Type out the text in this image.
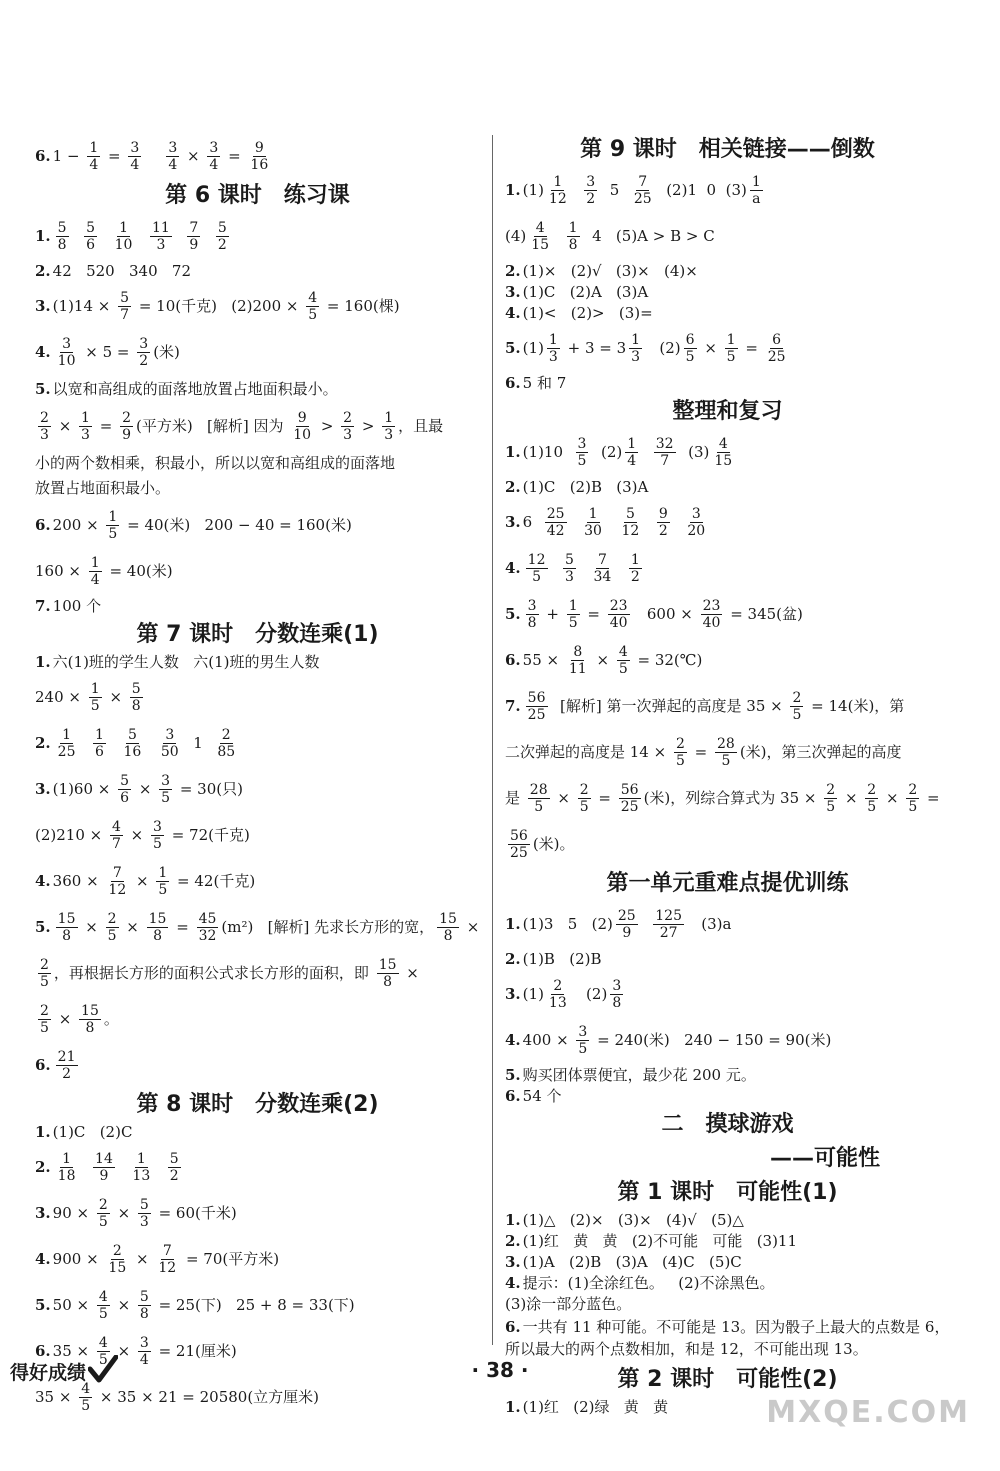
6. $1 - \frac{1}{4} = \frac{3}{4}$
$\frac{3}{4} \times \frac{3}{4} = \frac{9}{16}$
第 6 课时　练习课
1. $\frac{5}{8}$
$\frac{5}{6}$
$\frac{1}{10}$
$\frac{11}{3}$
$\frac{7}{9}$
$\frac{5}{2}$
2. 42   520   340   72
3. $(1)14 \times \frac{5}{7} = 10$(千克)   $(2)200 \times \frac{4}{5} = 160$(棵)
4. $\frac{3}{10} \times 5 = \frac{3}{2}$ (米)
5. 以宽和高组成的面落地放置占地面积最小。
$\frac{2}{3} \times \frac{1}{3} = \frac{2}{9}$ (平方米)   [解析] 因为 $\frac{9}{10} > \frac{2}{3} > \frac{1}{3}$ ，且最
小的两个数相乘，积最小，所以以宽和高组成的面落地
放置占地面积最小。
6. $200 \times \frac{1}{5} = 40$(米)   200 − 40 = 160(米)
$160 \times \frac{1}{4} = 40$(米)
7. 100 个
第 7 课时　分数连乘(1)
1. 六(1)班的学生人数   六(1)班的男生人数
$240 \times \frac{1}{5} \times \frac{5}{8}$
2. $\frac{1}{25}$
$\frac{1}{6}$
$\frac{5}{16}$
$\frac{3}{50} 1 \frac{2}{85}$
3. $(1)60 \times \frac{5}{6} \times \frac{3}{5} = 30$(只)
$(2)210 \times \frac{4}{7} \times \frac{3}{5} = 72$(千克)
4. $360 \times \frac{7}{12} \times \frac{1}{5} = 42$(千克)
5. $\frac{15}{8} \times \frac{2}{5} \times \frac{15}{8} = \frac{45}{32} (m^2)$   [解析] 先求长方形的宽， $\frac{15}{8}$ ×
$\frac{2}{5}$ ，再根据长方形的面积公式求长方形的面积，即 $\frac{15}{8}$ ×
$\frac{2}{5} \times \frac{15}{8}$ 。
6. $\frac{21}{2}$
第 8 课时　分数连乘(2)
1. (1)C   (2)C
2. $\frac{1}{18}$
$\frac{14}{9}$
$\frac{1}{13}$
$\frac{5}{2}$
3. $90 \times \frac{2}{5} \times \frac{5}{3} = 60$(千米)
4. $900 \times \frac{2}{15} \times \frac{7}{12} = 70$(平方米)
5. $50 \times \frac{4}{5} \times \frac{5}{8} = 25$(下)   25 + 8 = 33(下)
6. $35 \times \frac{4}{5} \times \frac{3}{4} = 21$(厘米)
$35 \times \frac{4}{5} \times 35 \times 21 = 20580$(立方厘米)
第 9 课时　相关链接——倒数
1. $(1) \frac{1}{12}$
$\frac{3}{2} 5 \frac{7}{25} (2)1$  0  $(3) \frac{1}{a}$
$(4) \frac{4}{15}$
$\frac{1}{8} 4$   (5)A > B > C
2. (1)×   (2)√   (3)×   (4)×
3. (1)C   (2)A   (3)A
4. (1)<   (2)>   (3)=
5. $(1) \frac{1}{3} + 3 = 3 \frac{1}{3} (2) \frac{6}{5} \times \frac{1}{5} = \frac{6}{25}$
6. 5 和 7
整理和复习
1. $(1)10 \frac{3}{5} (2) \frac{1}{4}$
$\frac{32}{7} (3) \frac{4}{15}$
2. (1)C   (2)B   (3)A
3. $6 \frac{25}{42}$
$\frac{1}{30}$
$\frac{5}{12}$
$\frac{9}{2}$
$\frac{3}{20}$
4. $\frac{12}{5}$
$\frac{5}{3}$
$\frac{7}{34}$
$\frac{1}{2}$
5. $\frac{3}{8} + \frac{1}{5} = \frac{23}{40} 600 \times \frac{23}{40} = 345$(盆)
6. $55 \times \frac{8}{11} \times \frac{4}{5}$ = 32(℃)
7. $\frac{56}{25}$ [解析] 第一次弹起的高度是 $35 \times \frac{2}{5} = 14$(米)，第
二次弹起的高度是 $14 \times \frac{2}{5} = \frac{28}{5}$ (米)，第三次弹起的高度
是 $\frac{28}{5} \times \frac{2}{5} = \frac{56}{25}$ (米)，列综合算式为 $35 \times \frac{2}{5} \times \frac{2}{5} \times \frac{2}{5}$ =
$\frac{56}{25}$ (米)。
第一单元重难点提优训练
1. (1)3   5   $(2) \frac{25}{9}$
$\frac{125}{27} (3)a$
2. (1)B   (2)B
3. $(1) \frac{2}{13} (2) \frac{3}{8}$
4. $400 \times \frac{3}{5} = 240$(米)   240 − 150 = 90(米)
5. 购买团体票便宜，最少花 200 元。
6. 54 个
二　摸球游戏
——可能性
第 1 课时　可能性(1)
1. (1)△   (2)×   (3)×   (4)√   (5)△
2. (1)红   黄   黄   (2)不可能   可能   (3)11
3. (1)A   (2)B   (3)A   (4)C   (5)C
4. 提示：(1)全涂红色。   (2)不涂黑色。
(3)涂一部分蓝色。
6. 一共有 11 种可能。不可能是 13。因为骰子上最大的点数是 6，所以最大的两个点数相加，和是 12，不可能出现 13。
第 2 课时　可能性(2)
1. (1)红   (2)绿   黄   黄
得好成绩	· 38 ·
MXQE.COM
